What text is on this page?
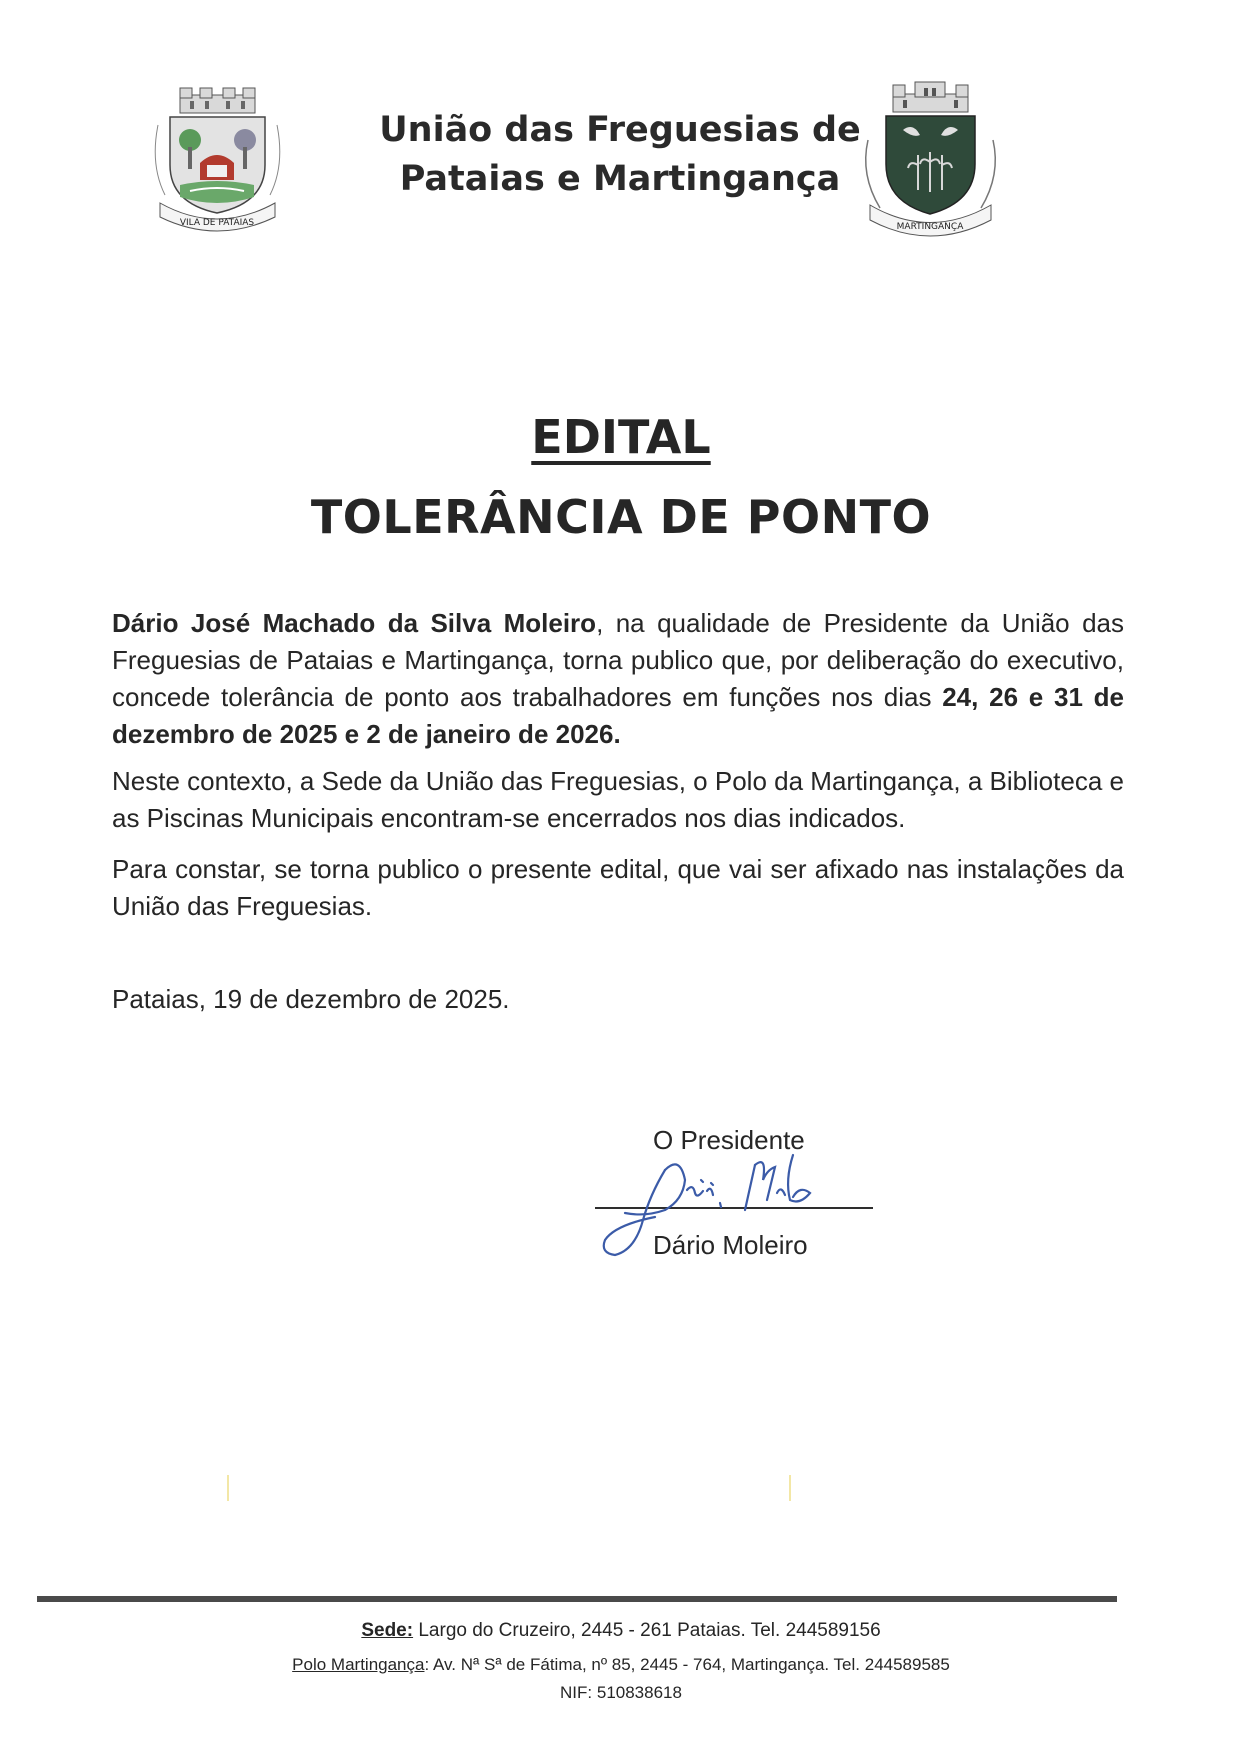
VILA DE PATAIAS
União das Freguesias de
Pataias e Martingança
MARTINGANÇA
EDITAL
TOLERÂNCIA DE PONTO

Dário José Machado da Silva Moleiro, na qualidade de Presidente da União das Freguesias de Pataias e Martingança, torna publico que, por deliberação do executivo, concede tolerância de ponto aos trabalhadores em funções nos dias 24, 26 e 31 de dezembro de 2025 e 2 de janeiro de 2026.

Neste contexto, a Sede da União das Freguesias, o Polo da Martingança, a Biblioteca e as Piscinas Municipais encontram-se encerrados nos dias indicados.

Para constar, se torna publico o presente edital, que vai ser afixado nas instalações da União das Freguesias.

Pataias, 19 de dezembro de 2025.
O Presidente
Dário Moleiro
Sede: Largo do Cruzeiro, 2445 - 261 Pataias. Tel. 244589156
Polo Martingança: Av. Nª Sª de Fátima, nº 85, 2445 - 764, Martingança. Tel. 244589585
NIF: 510838618
